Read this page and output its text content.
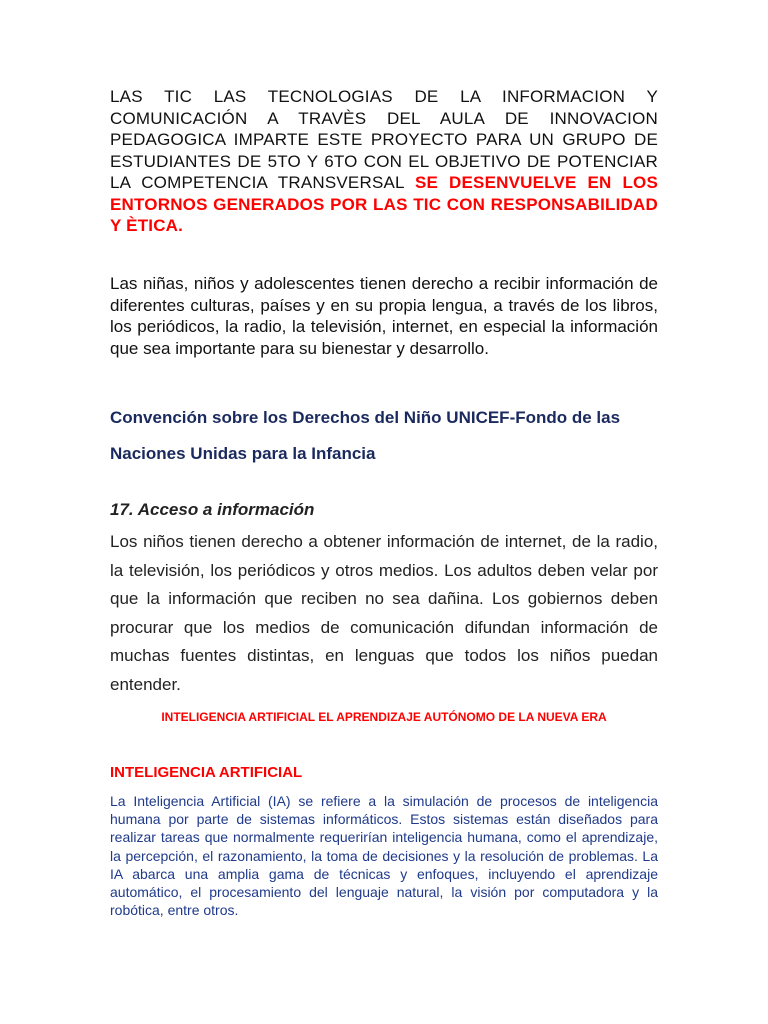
LAS TIC LAS TECNOLOGIAS DE LA INFORMACION Y COMUNICACIÓN A TRAVÈS DEL AULA DE INNOVACION PEDAGOGICA IMPARTE ESTE PROYECTO PARA UN GRUPO DE ESTUDIANTES DE 5TO Y 6TO CON EL OBJETIVO DE POTENCIAR LA COMPETENCIA TRANSVERSAL SE DESENVUELVE EN LOS ENTORNOS GENERADOS POR LAS TIC CON RESPONSABILIDAD Y ÈTICA.

Las niñas, niños y adolescentes tienen derecho a recibir información de diferentes culturas, países y en su propia lengua, a través de los libros, los periódicos, la radio, la televisión, internet, en especial la información que sea importante para su bienestar y desarrollo.

Convención sobre los Derechos del Niño UNICEF-Fondo de las Naciones Unidas para la Infancia
17. Acceso a información

Los niños tienen derecho a obtener información de internet, de la radio, la televisión, los periódicos y otros medios. Los adultos deben velar por que la información que reciben no sea dañina. Los gobiernos deben procurar que los medios de comunicación difundan información de muchas fuentes distintas, en lenguas que todos los niños puedan entender.

INTELIGENCIA ARTIFICIAL EL APRENDIZAJE AUTÓNOMO DE LA NUEVA ERA
INTELIGENCIA ARTIFICIAL

La Inteligencia Artificial (IA) se refiere a la simulación de procesos de inteligencia humana por parte de sistemas informáticos. Estos sistemas están diseñados para realizar tareas que normalmente requerirían inteligencia humana, como el aprendizaje, la percepción, el razonamiento, la toma de decisiones y la resolución de problemas. La IA abarca una amplia gama de técnicas y enfoques, incluyendo el aprendizaje automático, el procesamiento del lenguaje natural, la visión por computadora y la robótica, entre otros.
